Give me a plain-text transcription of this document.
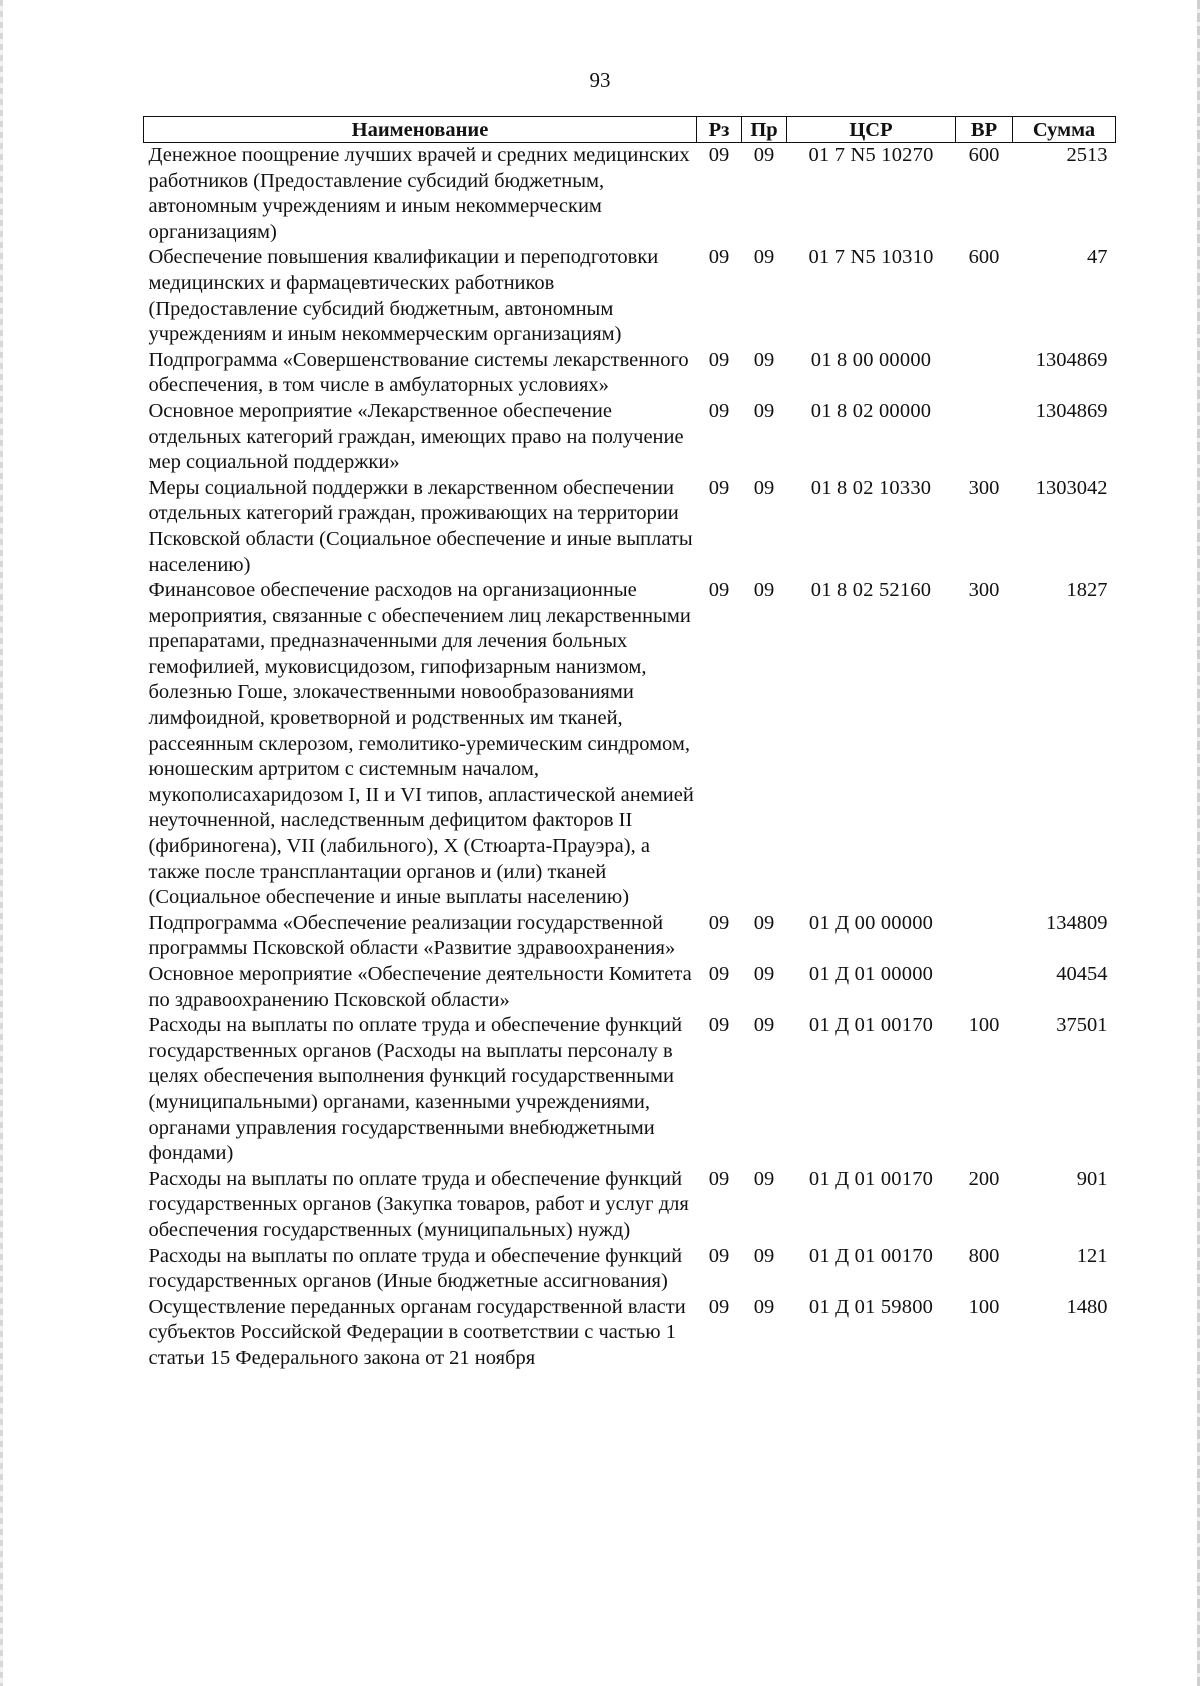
93
Наименование	Рз	Пр	ЦСР	ВР	Сумма
Денежное поощрение лучших врачей и средних медицинских работников (Предоставление субсидий бюджетным, автономным учреждениям и иным некоммерческим организациям)	09	09	01 7 N5 10270	600	2513
Обеспечение повышения квалификации и переподготовки медицинских и фармацевтических работников (Предоставление субсидий бюджетным, автономным учреждениям и иным некоммерческим организациям)	09	09	01 7 N5 10310	600	47
Подпрограмма «Совершенствование системы лекарственного обеспечения, в том числе в амбулаторных условиях»	09	09	01 8 00 00000		1304869
Основное мероприятие «Лекарственное обеспечение отдельных категорий граждан, имеющих право на получение мер социальной поддержки»	09	09	01 8 02 00000		1304869
Меры социальной поддержки в лекарственном обеспечении отдельных категорий граждан, проживающих на территории Псковской области (Социальное обеспечение и иные выплаты населению)	09	09	01 8 02 10330	300	1303042
Финансовое обеспечение расходов на организационные мероприятия, связанные с обеспечением лиц лекарственными препаратами, предназначенными для лечения больных гемофилией, муковисцидозом, гипофизарным нанизмом, болезнью Гоше, злокачественными новообразованиями лимфоидной, кроветворной и родственных им тканей, рассеянным склерозом, гемолитико-уремическим синдромом, юношеским артритом с системным началом, мукополисахаридозом I, II и VI типов, апластической анемией неуточненной, наследственным дефицитом факторов II (фибриногена), VII (лабильного), X (Стюарта-Прауэра), а также после трансплантации органов и (или) тканей (Социальное обеспечение и иные выплаты населению)	09	09	01 8 02 52160	300	1827
Подпрограмма «Обеспечение реализации государственной программы Псковской области «Развитие здравоохранения»	09	09	01 Д 00 00000		134809
Основное мероприятие «Обеспечение деятельности Комитета по здравоохранению Псковской области»	09	09	01 Д 01 00000		40454
Расходы на выплаты по оплате труда и обеспечение функций государственных органов (Расходы на выплаты персоналу в целях обеспечения выполнения функций государственными (муниципальными) органами, казенными учреждениями, органами управления государственными внебюджетными фондами)	09	09	01 Д 01 00170	100	37501
Расходы на выплаты по оплате труда и обеспечение функций государственных органов (Закупка товаров, работ и услуг для обеспечения государственных (муниципальных) нужд)	09	09	01 Д 01 00170	200	901
Расходы на выплаты по оплате труда и обеспечение функций государственных органов (Иные бюджетные ассигнования)	09	09	01 Д 01 00170	800	121
Осуществление переданных органам государственной власти субъектов Российской Федерации в соответствии с частью 1 статьи 15 Федерального закона от 21 ноября	09	09	01 Д 01 59800	100	1480
